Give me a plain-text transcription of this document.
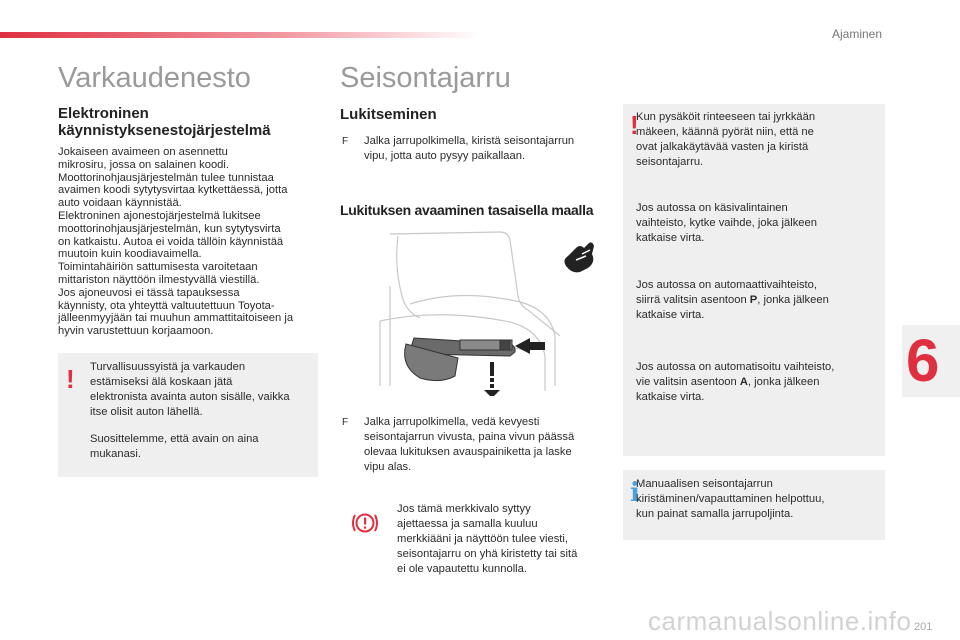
Ajaminen
6
Varkaudenesto
Elektroninen
käynnistyksenestojärjestelmä
Jokaiseen avaimeen on asennettu
mikrosiru, jossa on salainen koodi.
Moottorinohjausjärjestelmän tulee tunnistaa
avaimen koodi sytytysvirtaa kytkettäessä, jotta
auto voidaan käynnistää.
Elektroninen ajonestojärjestelmä lukitsee
moottorinohjausjärjestelmän, kun sytytysvirta
on katkaistu. Autoa ei voida tällöin käynnistää
muutoin kuin koodiavaimella.
Toimintahäiriön sattumisesta varoitetaan
mittariston näyttöön ilmestyvällä viestillä.
Jos ajoneuvosi ei tässä tapauksessa
käynnisty, ota yhteyttä valtuutettuun Toyota-
jälleenmyyjään tai muuhun ammattitaitoiseen ja
hyvin varustettuun korjaamoon.
! Turvallisuussyistä ja varkauden
estämiseksi älä koskaan jätä
elektronista avainta auton sisälle, vaikka
itse olisit auton lähellä.

Suosittelemme, että avain on aina
mukanasi.

Seisontajarru
Lukitseminen
F Jalka jarrupolkimella, kiristä seisontajarrun
vipu, jotta auto pysyy paikallaan.
Lukituksen avaaminen tasaisella maalla
F Jalka jarrupolkimella, vedä kevyesti
seisontajarrun vivusta, paina vivun päässä
olevaa lukituksen avauspainiketta ja laske
vipu alas.
Jos tämä merkkivalo syttyy
ajettaessa ja samalla kuuluu
merkkiääni ja näyttöön tulee viesti,
seisontajarru on yhä kiristetty tai sitä
ei ole vapautettu kunnolla.
!
Kun pysäköit rinteeseen tai jyrkkään
mäkeen, käännä pyörät niin, että ne
ovat jalkakäytävää vasten ja kiristä
seisontajarru.
Jos autossa on käsivalintainen
vaihteisto, kytke vaihde, joka jälkeen
katkaise virta.
Jos autossa on automaattivaihteisto,
siirrä valitsin asentoon P, jonka jälkeen
katkaise virta.
Jos autossa on automatisoitu vaihteisto,
vie valitsin asentoon A, jonka jälkeen
katkaise virta.
i
Manuaalisen seisontajarrun
kiristäminen/vapauttaminen helpottuu,
kun painat samalla jarrupoljinta.
carmanualsonline.info 201
